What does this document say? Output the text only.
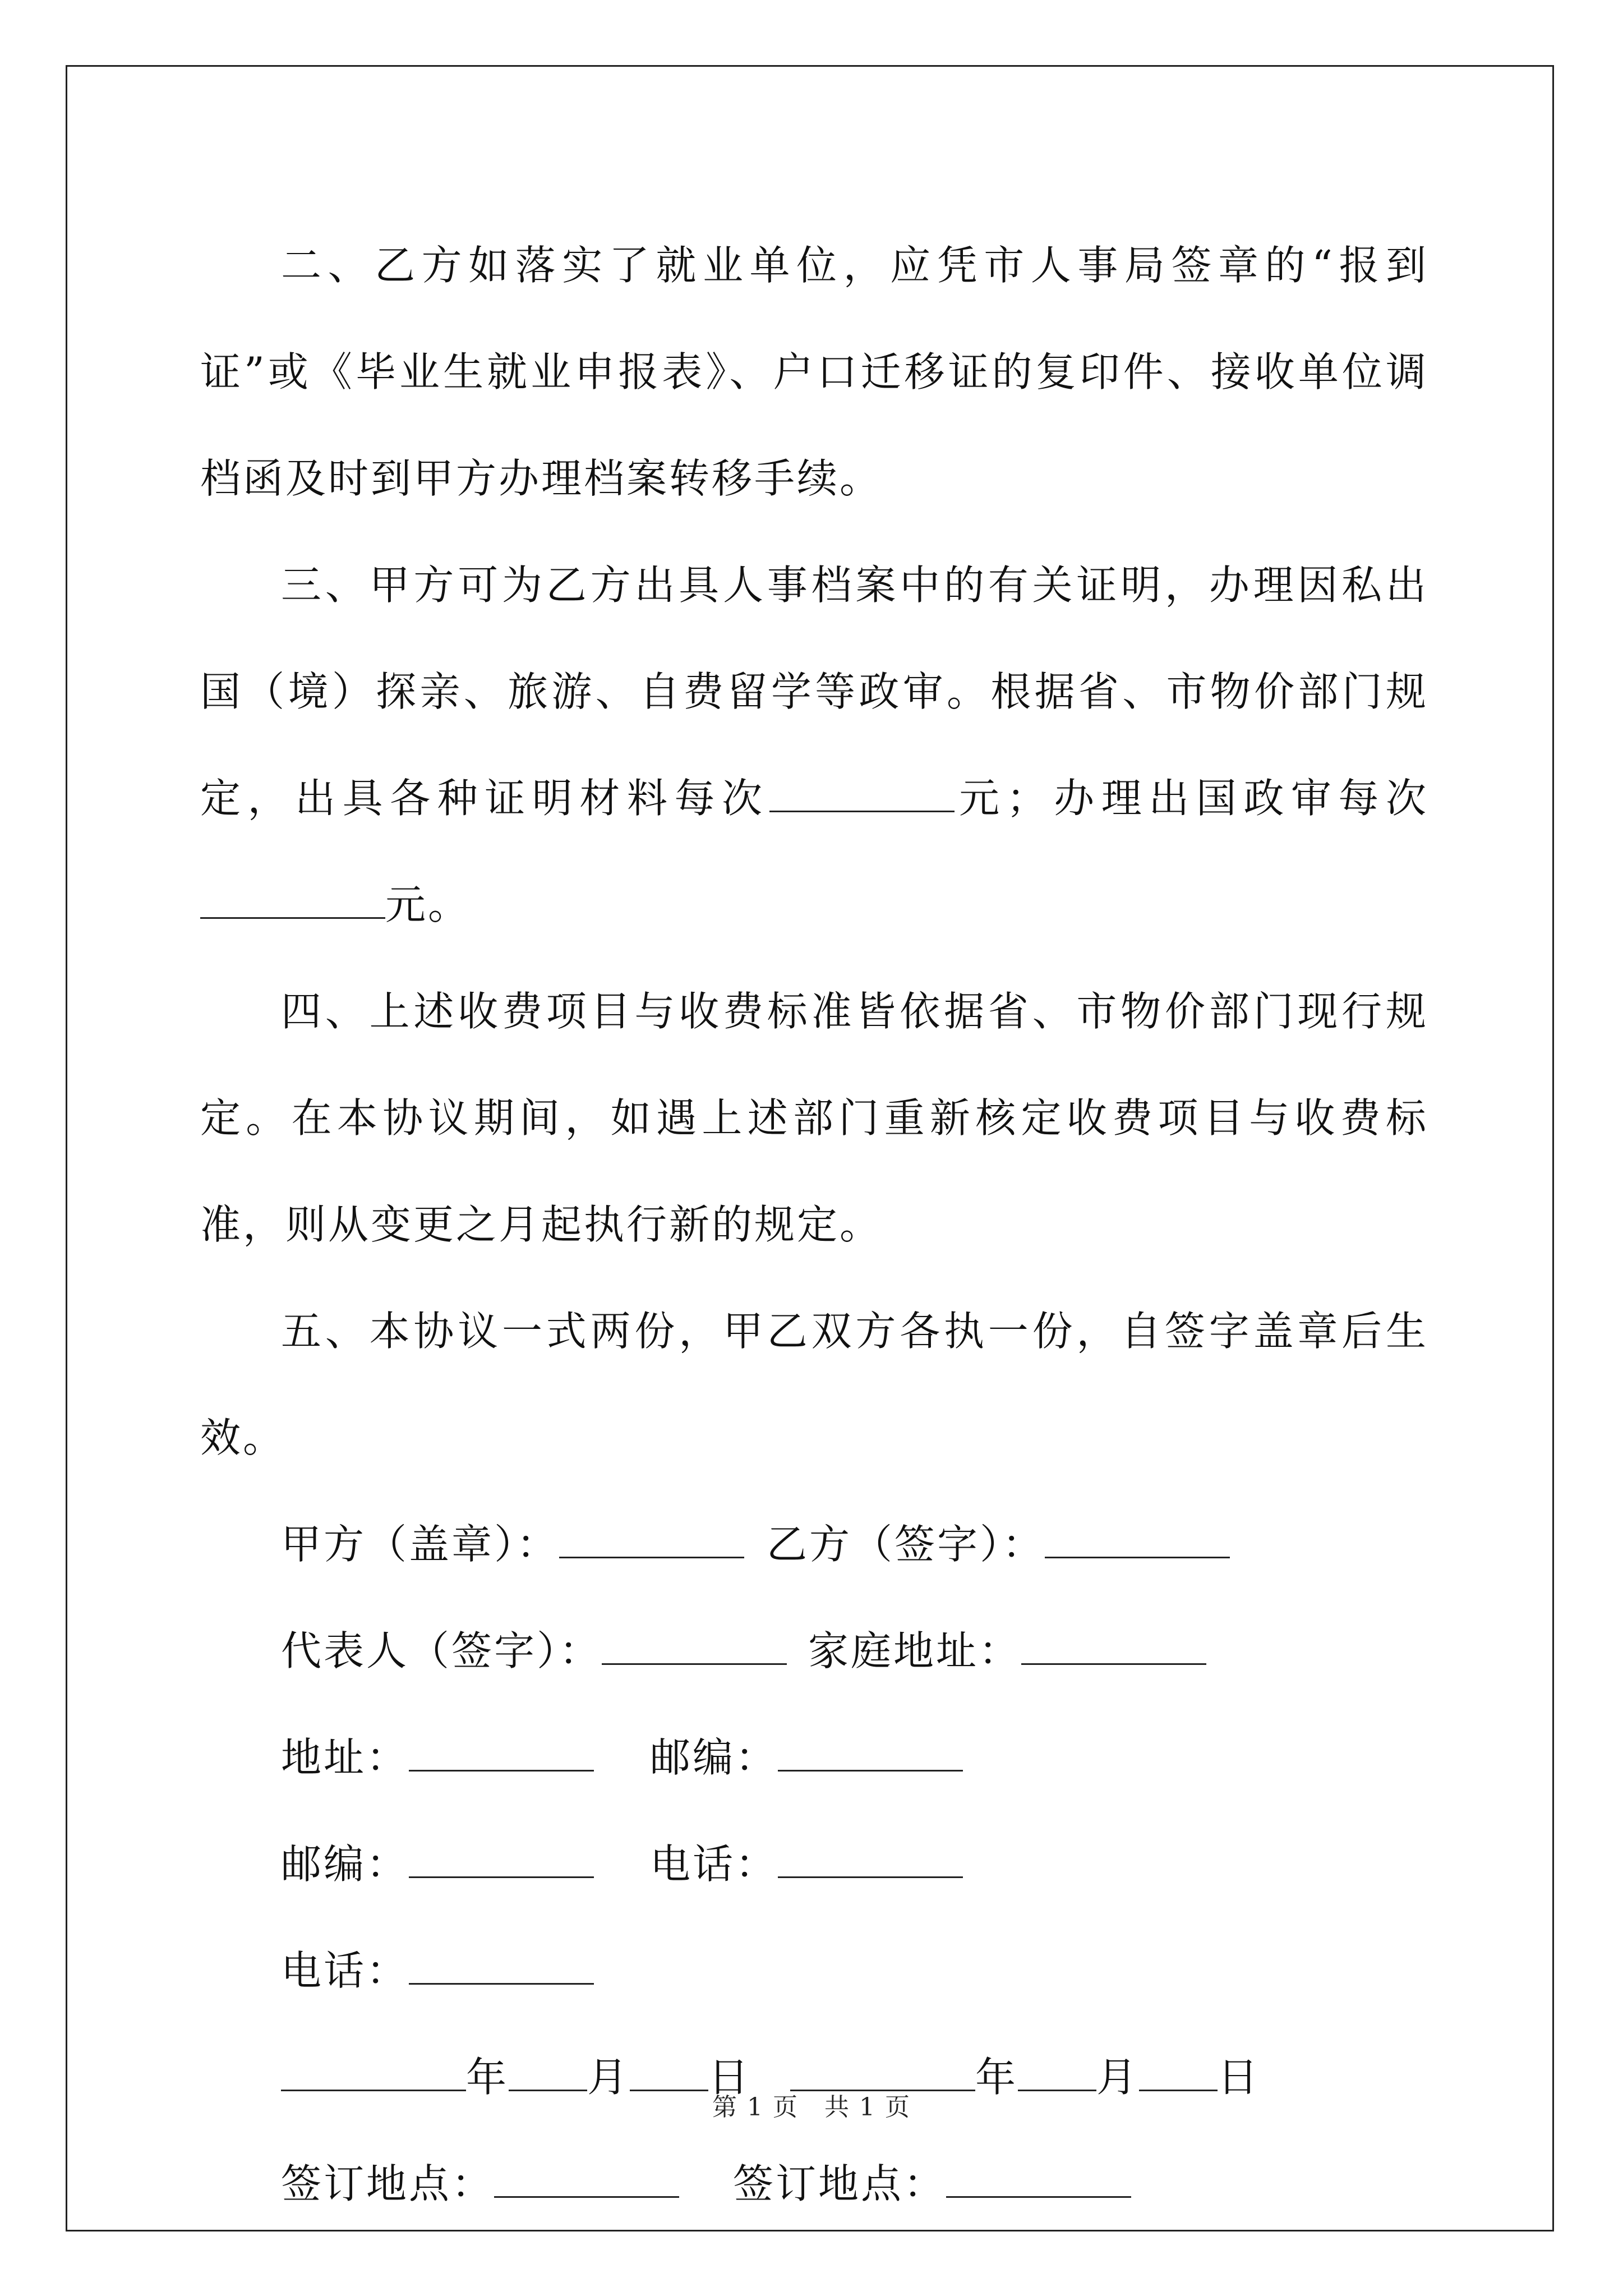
二、乙方如落实了就业单位，应凭市人事局签章的“报到证”或《毕业生就业申报表》、户口迁移证的复印件、接收单位调档函及时到甲方办理档案转移手续。

三、甲方可为乙方出具人事档案中的有关证明，办理因私出国（境）探亲、旅游、自费留学等政审。根据省、市物价部门规定，出具各种证明材料每次	元；办理出国政审每次元。

四、上述收费项目与收费标准皆依据省、市物价部门现行规定。在本协议期间，如遇上述部门重新核定收费项目与收费标准，则从变更之月起执行新的规定。

五、本协议一式两份，甲乙双方各执一份，自签字盖章后生效。

甲方（盖章）：	乙方（签字）：
代表人（签字）：	家庭地址：
地址：	邮编：
邮编：	电话：
电话：
年 月 日	年 月 日
签订地点：	签订地点：
第 1 页　共 1 页
